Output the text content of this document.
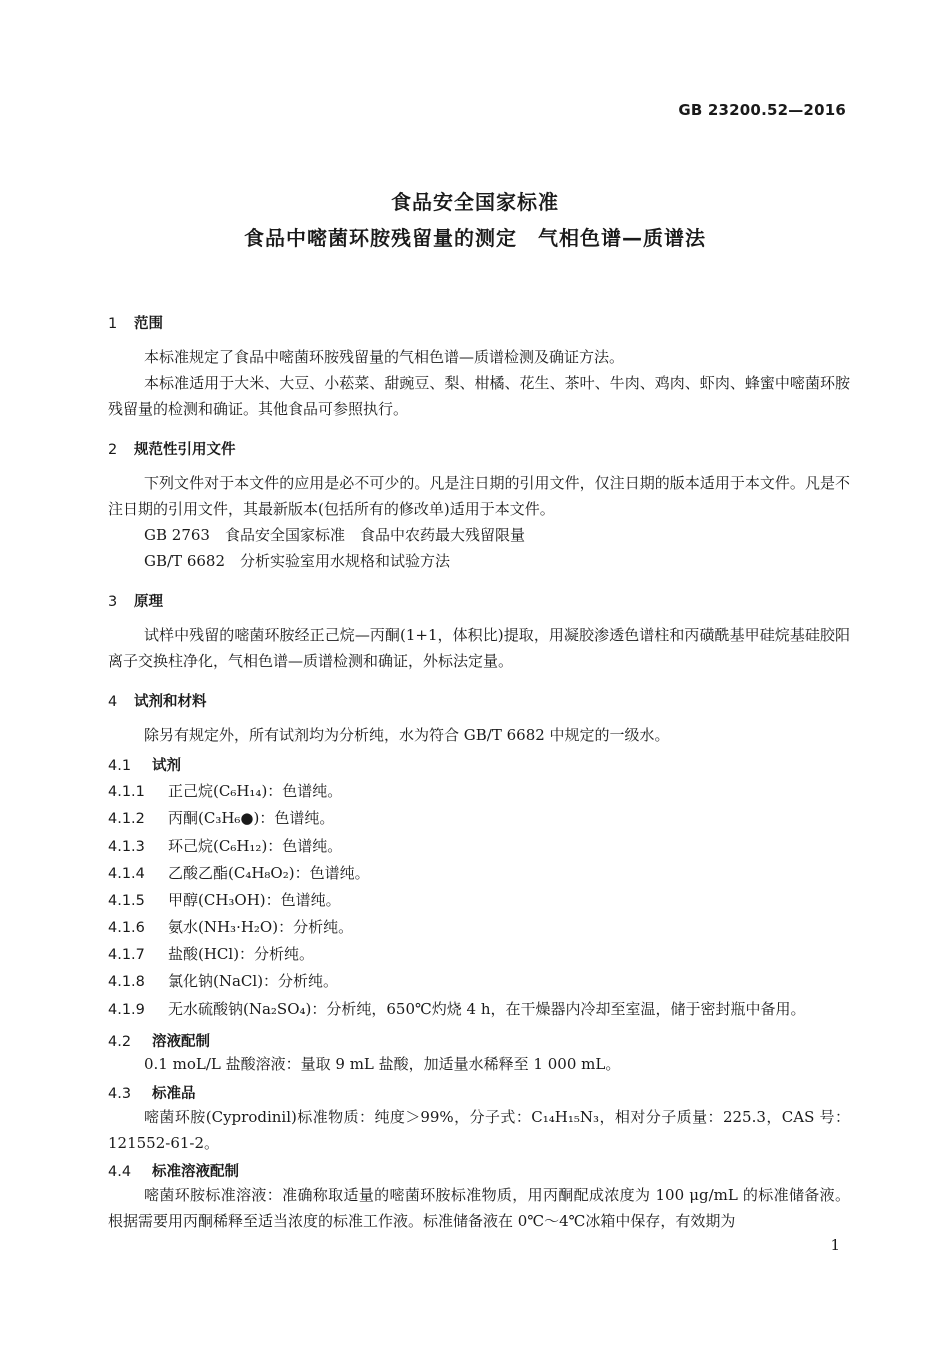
GB 23200.52—2016
食品安全国家标准
食品中嘧菌环胺残留量的测定　气相色谱—质谱法
1 范围
本标准规定了食品中嘧菌环胺残留量的气相色谱—质谱检测及确证方法。
本标准适用于大米、大豆、小菘菜、甜豌豆、梨、柑橘、花生、茶叶、牛肉、鸡肉、虾肉、蜂蜜中嘧菌环胺残留量的检测和确证。其他食品可参照执行。
2 规范性引用文件
下列文件对于本文件的应用是必不可少的。凡是注日期的引用文件，仅注日期的版本适用于本文件。凡是不注日期的引用文件，其最新版本(包括所有的修改单)适用于本文件。
GB 2763　食品安全国家标准　食品中农药最大残留限量
GB/T 6682　分析实验室用水规格和试验方法
3 原理
试样中残留的嘧菌环胺经正己烷—丙酮(1+1，体积比)提取，用凝胶渗透色谱柱和丙磺酰基甲硅烷基硅胶阳离子交换柱净化，气相色谱—质谱检测和确证，外标法定量。
4 试剂和材料
除另有规定外，所有试剂均为分析纯，水为符合 GB/T 6682 中规定的一级水。
4.1 试剂
4.1.1 正己烷(C₆H₁₄)：色谱纯。
4.1.2 丙酮(C₃H₆●)：色谱纯。
4.1.3 环己烷(C₆H₁₂)：色谱纯。
4.1.4 乙酸乙酯(C₄H₈O₂)：色谱纯。
4.1.5 甲醇(CH₃OH)：色谱纯。
4.1.6 氨水(NH₃·H₂O)：分析纯。
4.1.7 盐酸(HCl)：分析纯。
4.1.8 氯化钠(NaCl)：分析纯。
4.1.9 无水硫酸钠(Na₂SO₄)：分析纯，650℃灼烧 4 h，在干燥器内冷却至室温，储于密封瓶中备用。
4.2 溶液配制
0.1 moL/L 盐酸溶液：量取 9 mL 盐酸，加适量水稀释至 1 000 mL。
4.3 标准品
嘧菌环胺(Cyprodinil)标准物质：纯度＞99%，分子式：C₁₄H₁₅N₃，相对分子质量：225.3，CAS 号：121552-61-2。
4.4 标准溶液配制
嘧菌环胺标准溶液：准确称取适量的嘧菌环胺标准物质，用丙酮配成浓度为 100 μg/mL 的标准储备液。根据需要用丙酮稀释至适当浓度的标准工作液。标准储备液在 0℃～4℃冰箱中保存，有效期为
1
